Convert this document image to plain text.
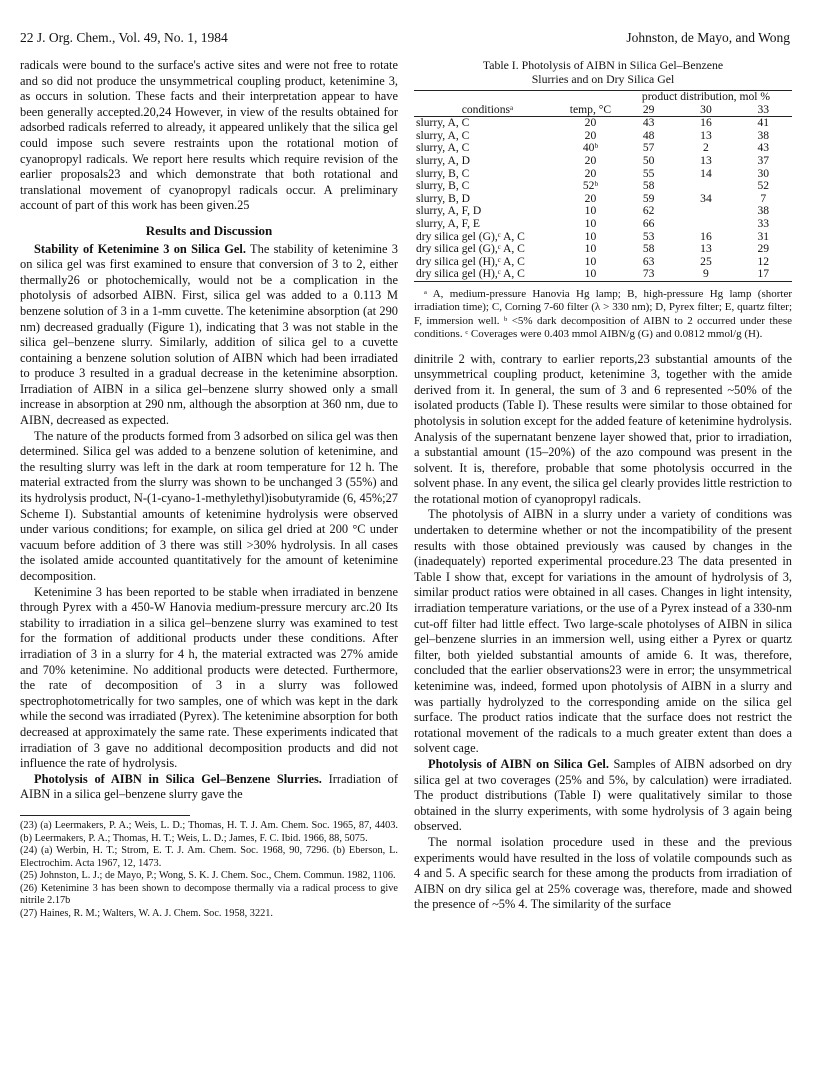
22 J. Org. Chem., Vol. 49, No. 1, 1984	Johnston, de Mayo, and Wong

radicals were bound to the surface's active sites and were not free to rotate and so did not produce the unsymmetrical coupling product, ketenimine 3, as occurs in solution. These facts and their interpretation appear to have been generally accepted.20,24 However, in view of the results obtained for adsorbed radicals referred to already, it appeared unlikely that the silica gel could impose such severe restraints upon the rotational motion of cyanopropyl radicals. We report here results which require revision of the earlier proposals23 and which demonstrate that both rotational and translational movement of cyanopropyl radicals occur. A preliminary account of part of this work has been given.25

Results and Discussion

Stability of Ketenimine 3 on Silica Gel. The stability of ketenimine 3 on silica gel was first examined to ensure that conversion of 3 to 2, either thermally26 or photochemically, would not be a complication in the photolysis of adsorbed AIBN. First, silica gel was added to a 0.113 M benzene solution of 3 in a 1-mm cuvette. The ketenimine absorption (at 290 nm) decreased gradually (Figure 1), indicating that 3 was not stable in the silica gel–benzene slurry. Similarly, addition of silica gel to a cuvette containing a benzene solution solution of AIBN which had been irradiated to produce 3 resulted in a gradual decrease in the ketenimine absorption. Irradiation of AIBN in a silica gel–benzene slurry showed only a small increase in absorption at 290 nm, although the absorption at 360 nm, due to AIBN, decreased as expected.

The nature of the products formed from 3 adsorbed on silica gel was then determined. Silica gel was added to a benzene solution of ketenimine, and the resulting slurry was left in the dark at room temperature for 12 h. The material extracted from the slurry was shown to be unchanged 3 (55%) and its hydrolysis product, N-(1-cyano-1-methylethyl)isobutyramide (6, 45%;27 Scheme I). Substantial amounts of ketenimine hydrolysis were observed under various conditions; for example, on silica gel dried at 200 °C under vacuum before addition of 3 there was still >30% hydrolysis. In all cases the isolated amide accounted quantitatively for the amount of ketenimine decomposition.

Ketenimine 3 has been reported to be stable when irradiated in benzene through Pyrex with a 450-W Hanovia medium-pressure mercury arc.20 Its stability to irradiation in a silica gel–benzene slurry was examined to test for the formation of additional products under these conditions. After irradiation of 3 in a slurry for 4 h, the material extracted was 27% amide and 70% ketenimine. No additional products were detected. Furthermore, the rate of decomposition of 3 in a slurry was followed spectrophotometrically for two samples, one of which was kept in the dark while the second was irradiated (Pyrex). The ketenimine absorption for both decreased at approximately the same rate. These experiments indicated that irradiation of 3 gave no additional decomposition products and did not influence the rate of hydrolysis.

Photolysis of AIBN in Silica Gel–Benzene Slurries. Irradiation of AIBN in a silica gel–benzene slurry gave the

(23) (a) Leermakers, P. A.; Weis, L. D.; Thomas, H. T. J. Am. Chem. Soc. 1965, 87, 4403. (b) Leermakers, P. A.; Thomas, H. T.; Weis, L. D.; James, F. C. Ibid. 1966, 88, 5075.
(24) (a) Werbin, H. T.; Strom, E. T. J. Am. Chem. Soc. 1968, 90, 7296. (b) Eberson, L. Electrochim. Acta 1967, 12, 1473.
(25) Johnston, L. J.; de Mayo, P.; Wong, S. K. J. Chem. Soc., Chem. Commun. 1982, 1106.
(26) Ketenimine 3 has been shown to decompose thermally via a radical process to give nitrile 2.17b
(27) Haines, R. M.; Walters, W. A. J. Chem. Soc. 1958, 3221.
Table I. Photolysis of AIBN in Silica Gel–Benzene
Slurries and on Dry Silica Gel
		product distribution, mol %		
conditionsᵃ	temp, °C	29	30	33
slurry, A, C	20	43	16	41
slurry, A, C	20	48	13	38
slurry, A, C	40ᵇ	57	2	43
slurry, A, D	20	50	13	37
slurry, B, C	20	55	14	30
slurry, B, C	52ᵇ	58		52
slurry, B, D	20	59	34	7
slurry, A, F, D	10	62		38
slurry, A, F, E	10	66		33
dry silica gel (G),ᶜ A, C	10	53	16	31
dry silica gel (G),ᶜ A, C	10	58	13	29
dry silica gel (H),ᶜ A, C	10	63	25	12
dry silica gel (H),ᶜ A, C	10	73	9	17
ᵃ A, medium-pressure Hanovia Hg lamp; B, high-pressure Hg lamp (shorter irradiation time); C, Corning 7-60 filter (λ > 330 nm); D, Pyrex filter; E, quartz filter; F, immersion well. ᵇ <5% dark decomposition of AIBN to 2 occurred under these conditions. ᶜ Coverages were 0.403 mmol AIBN/g (G) and 0.0812 mmol/g (H).

dinitrile 2 with, contrary to earlier reports,23 substantial amounts of the unsymmetrical coupling product, ketenimine 3, together with the amide derived from it. In general, the sum of 3 and 6 represented ~50% of the isolated products (Table I). These results were similar to those obtained for photolysis in solution except for the added feature of ketenimine hydrolysis. Analysis of the supernatant benzene layer showed that, prior to irradiation, a substantial amount (15–20%) of the azo compound was present in the solvent. It is, therefore, probable that some photolysis occurred in the solvent phase. In any event, the silica gel clearly provides little restriction to the rotational motion of cyanopropyl radicals.

The photolysis of AIBN in a slurry under a variety of conditions was undertaken to determine whether or not the incompatibility of the present results with those obtained previously was caused by changes in the (inadequately) reported experimental procedure.23 The data presented in Table I show that, except for variations in the amount of hydrolysis of 3, similar product ratios were obtained in all cases. Changes in light intensity, irradiation temperature variations, or the use of a Pyrex instead of a 330-nm cut-off filter had little effect. Two large-scale photolyses of AIBN in silica gel–benzene slurries in an immersion well, using either a Pyrex or quartz filter, both yielded substantial amounts of amide 6. It was, therefore, concluded that the earlier observations23 were in error; the unsymmetrical ketenimine was, indeed, formed upon photolysis of AIBN in a slurry and was partially hydrolyzed to the corresponding amide on the silica gel surface. The product ratios indicate that the surface does not restrict the rotational movement of the radicals to a much greater extent than does a solvent cage.

Photolysis of AIBN on Silica Gel. Samples of AIBN adsorbed on dry silica gel at two coverages (25% and 5%, by calculation) were irradiated. The product distributions (Table I) were qualitatively similar to those obtained in the slurry experiments, with some hydrolysis of 3 again being observed.

The normal isolation procedure used in these and the previous experiments would have resulted in the loss of volatile compounds such as 4 and 5. A specific search for these among the products from irradiation of AIBN on dry silica gel at 25% coverage was, therefore, made and showed the presence of ~5% 4. The similarity of the surface
